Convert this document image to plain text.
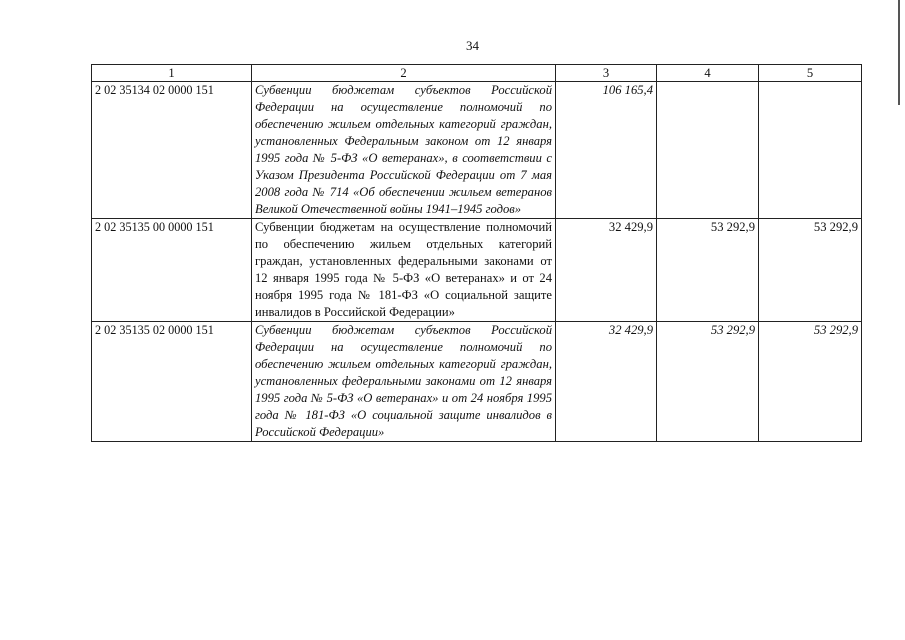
34
1	2	3	4	5
2 02 35134 02 0000 151	Субвенции бюджетам субъектов Российской Федерации на осуществление полномочий по обеспечению жильем отдельных категорий граждан, установленных Федеральным законом от 12 января 1995 года № 5-ФЗ «О ветеранах», в соответствии с Указом Президента Российской Федерации от 7 мая 2008 года № 714 «Об обеспечении жильем ветеранов Великой Отечественной войны 1941–1945 годов»	106 165,4		
2 02 35135 00 0000 151	Субвенции бюджетам на осуществление полномочий по обеспечению жильем отдельных категорий граждан, установленных федеральными законами от 12 января 1995 года № 5-ФЗ «О ветеранах» и от 24 ноября 1995 года № 181-ФЗ «О социальной защите инвалидов в Российской Федерации»	32 429,9	53 292,9	53 292,9
2 02 35135 02 0000 151	Субвенции бюджетам субъектов Российской Федерации на осуществление полномочий по обеспечению жильем отдельных категорий граждан, установленных федеральными законами от 12 января 1995 года № 5-ФЗ «О ветеранах» и от 24 ноября 1995 года № 181-ФЗ «О социальной защите инвалидов в Российской Федерации»	32 429,9	53 292,9	53 292,9
